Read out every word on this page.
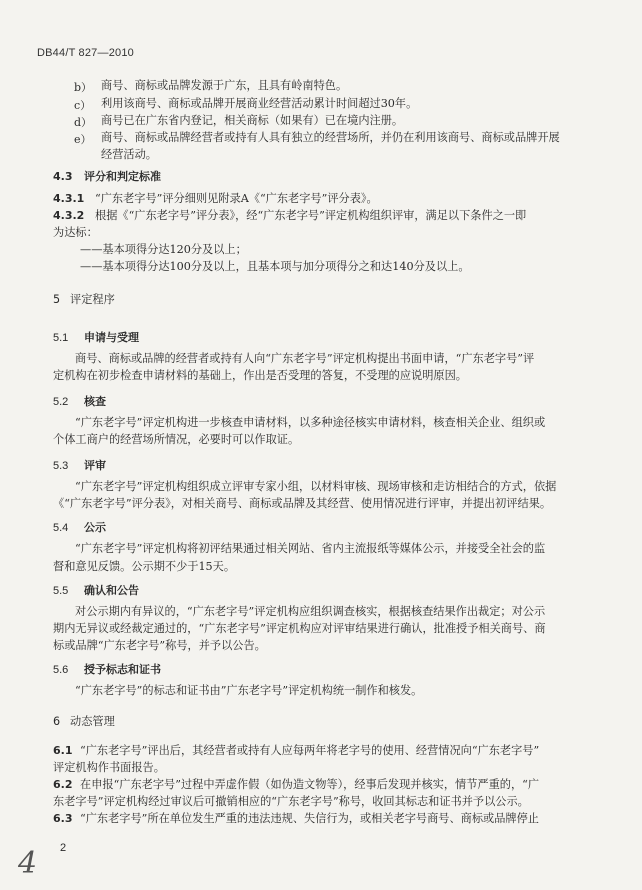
DB44/T 827—2010
b） 商号、商标或品牌发源于广东，且具有岭南特色。
c） 利用该商号、商标或品牌开展商业经营活动累计时间超过30年。
d） 商号已在广东省内登记，相关商标（如果有）已在境内注册。
e） 商号、商标或品牌经营者或持有人具有独立的经营场所，并仍在利用该商号、商标或品牌开展
经营活动。
4.3 评分和判定标准
4.3.1 “广东老字号”评分细则见附录A《“广东老字号”评分表》。
4.3.2 根据《“广东老字号”评分表》，经“广东老字号”评定机构组织评审，满足以下条件之一即
为达标：
——基本项得分达120分及以上；
——基本项得分达100分及以上，且基本项与加分项得分之和达140分及以上。
5 评定程序
5.1 申请与受理
商号、商标或品牌的经营者或持有人向“广东老字号”评定机构提出书面申请，“广东老字号”评
定机构在初步检查申请材料的基础上，作出是否受理的答复，不受理的应说明原因。
5.2 核查
“广东老字号”评定机构进一步核查申请材料，以多种途径核实申请材料，核查相关企业、组织或
个体工商户的经营场所情况，必要时可以作取证。
5.3 评审
“广东老字号”评定机构组织成立评审专家小组，以材料审核、现场审核和走访相结合的方式，依据
《“广东老字号”评分表》，对相关商号、商标或品牌及其经营、使用情况进行评审，并提出初评结果。
5.4 公示
“广东老字号”评定机构将初评结果通过相关网站、省内主流报纸等媒体公示，并接受全社会的监
督和意见反馈。公示期不少于15天。
5.5 确认和公告
对公示期内有异议的，“广东老字号”评定机构应组织调查核实，根据核查结果作出裁定；对公示
期内无异议或经裁定通过的，“广东老字号”评定机构应对评审结果进行确认，批准授予相关商号、商
标或品牌“广东老字号”称号，并予以公告。
5.6 授予标志和证书
“广东老字号”的标志和证书由”广东老字号”评定机构统一制作和核发。
6 动态管理
6.1 “广东老字号”评出后，其经营者或持有人应每两年将老字号的使用、经营情况向“广东老字号”
评定机构作书面报告。
6.2 在申报“广东老字号”过程中弄虚作假（如伪造文物等），经事后发现并核实，情节严重的，“广
东老字号”评定机构经过审议后可撤销相应的“广东老字号”称号，收回其标志和证书并予以公示。
6.3 “广东老字号”所在单位发生严重的违法违规、失信行为，或相关老字号商号、商标或品牌停止
2
4
